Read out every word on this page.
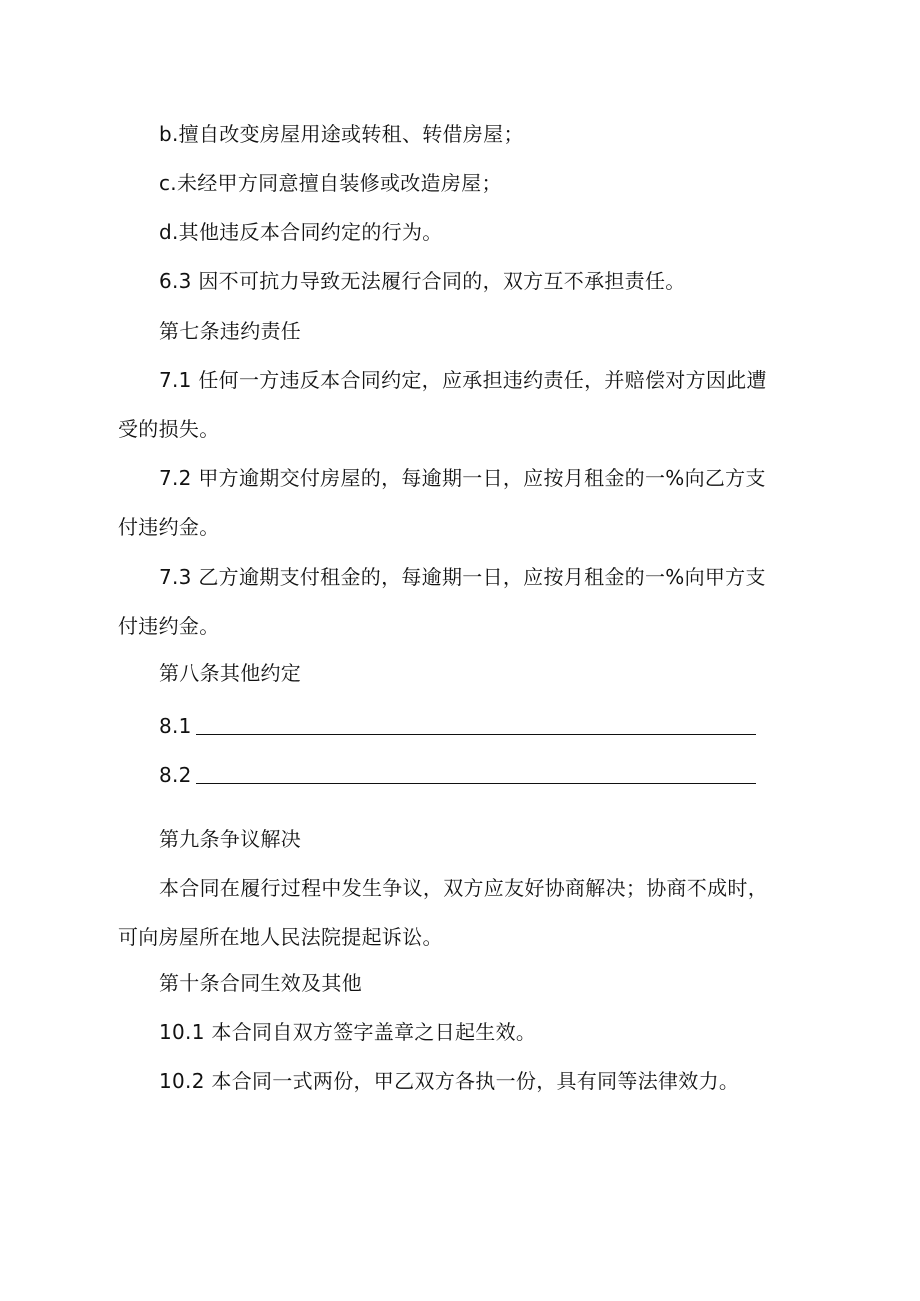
b.擅自改变房屋用途或转租、转借房屋；
c.未经甲方同意擅自装修或改造房屋；
d.其他违反本合同约定的行为。
6.3 因不可抗力导致无法履行合同的，双方互不承担责任。
第七条违约责任
7.1 任何一方违反本合同约定，应承担违约责任，并赔偿对方因此遭
受的损失。
7.2 甲方逾期交付房屋的，每逾期一日，应按月租金的一%向乙方支
付违约金。
7.3 乙方逾期支付租金的，每逾期一日，应按月租金的一%向甲方支
付违约金。
第八条其他约定
8.1
8.2
第九条争议解决
本合同在履行过程中发生争议，双方应友好协商解决；协商不成时，
可向房屋所在地人民法院提起诉讼。
第十条合同生效及其他
10.1 本合同自双方签字盖章之日起生效。
10.2 本合同一式两份，甲乙双方各执一份，具有同等法律效力。
